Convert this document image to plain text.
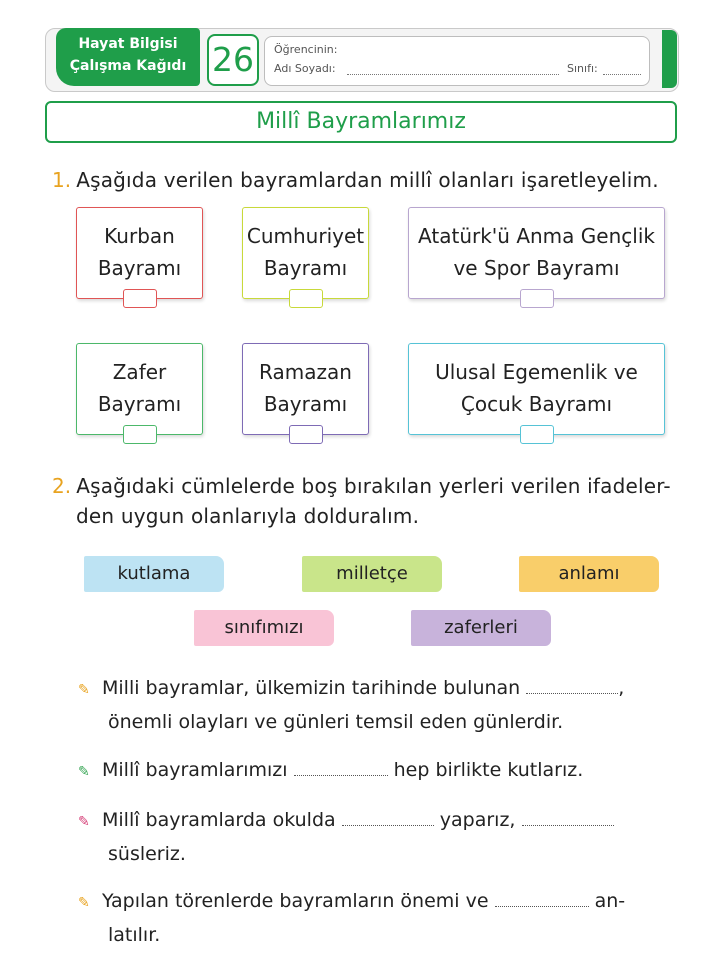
Hayat Bilgisi
Çalışma Kağıdı 26	Öğrencinin:
Adı Soyadı:	Sınıfı:
Millî Bayramlarımız
1. Aşağıda verilen bayramlardan millî olanları işaretleyelim.
Kurban
Bayramı
Cumhuriyet
Bayramı
Atatürk'ü Anma Gençlik
ve Spor Bayramı
Zafer
Bayramı
Ramazan
Bayramı
Ulusal Egemenlik ve
Çocuk Bayramı
2. Aşağıdaki cümlelerde boş bırakılan yerleri verilen ifadeler-
den uygun olanlarıyla dolduralım.
kutlama	milletçe	anlamı
sınıfımızı	zaferleri
✎ Milli bayramlar, ülkemizin tarihinde bulunan	,
önemli olayları ve günleri temsil eden günlerdir.
✎ Millî bayramlarımızı	hep birlikte kutlarız.
✎ Millî bayramlarda okulda	yaparız,
süsleriz.
✎ Yapılan törenlerde bayramların önemi ve	an-
latılır.
